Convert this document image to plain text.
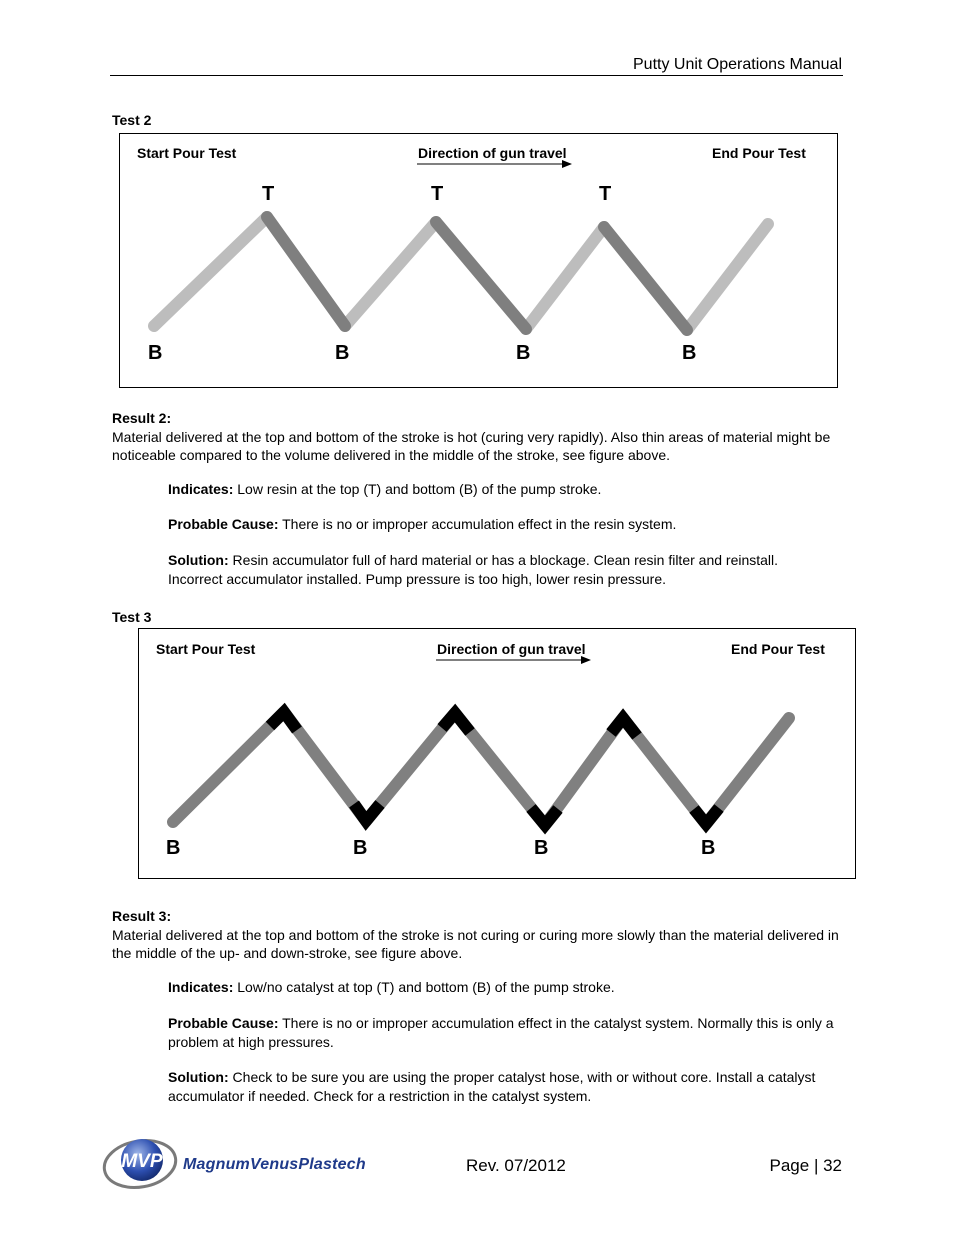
Putty Unit Operations Manual
Test 2
Start Pour Test	Direction of gun travel	End Pour Test
T	T	T
B	B	B	B
Result 2:
Material delivered at the top and bottom of the stroke is hot (curing very rapidly). Also thin areas of material might be noticeable compared to the volume delivered in the middle of the stroke, see figure above.
Indicates: Low resin at the top (T) and bottom (B) of the pump stroke.
Probable Cause: There is no or improper accumulation effect in the resin system.
Solution: Resin accumulator full of hard material or has a blockage. Clean resin filter and reinstall. Incorrect accumulator installed. Pump pressure is too high, lower resin pressure.
Test 3
Start Pour Test	Direction of gun travel	End Pour Test
B	B	B	B
Result 3:
Material delivered at the top and bottom of the stroke is not curing or curing more slowly than the material delivered in the middle of the up- and down-stroke, see figure above.
Indicates: Low/no catalyst at top (T) and bottom (B) of the pump stroke.
Probable Cause: There is no or improper accumulation effect in the catalyst system. Normally this is only a problem at high pressures.
Solution: Check to be sure you are using the proper catalyst hose, with or without core. Install a catalyst accumulator if needed. Check for a restriction in the catalyst system.
MVP MagnumVenusPlastech	Rev. 07/2012	Page | 32
